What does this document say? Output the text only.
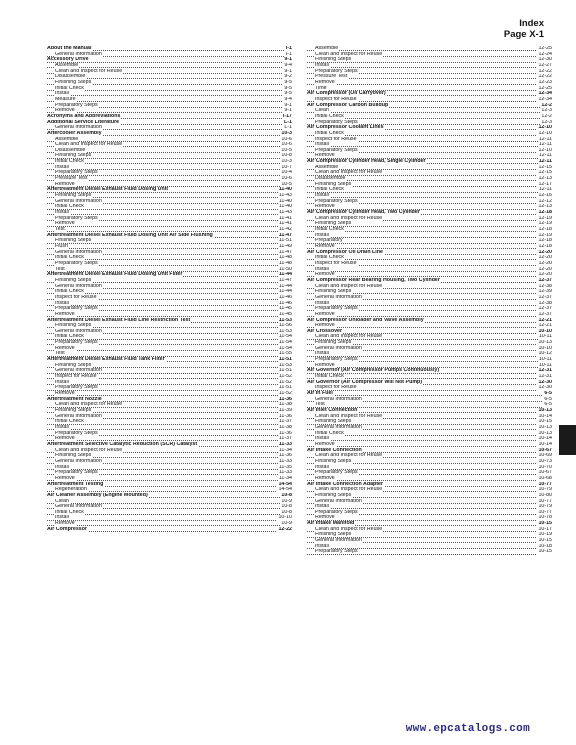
Index
Page X-1
About the Manual	i-1
General Information	i-1
Accessory Drive	9-1
Assemble	9-4
Clean and Inspect for Reuse	9-1
Disassemble	9-2
Finishing Steps	9-5
Initial Check	9-5
Install	9-5
Measure	9-4
Preparatory Steps	9-1
Remove	9-1
Acronyms and Abbreviations	i-17
Additional Service Literature	L-1
General Information	L-1
Aftercooler Assembly	10-3
Assemble	10-6
Clean and Inspect for Reuse	10-6
Disassemble	10-5
Finishing Steps	10-8
Initial Check	10-3
Install	10-7
Preparatory Steps	10-4
Pressure Test	10-6
Remove	10-5
Aftertreatment Diesel Exhaust Fluid Dosing Unit	11-40
Finishing Steps	11-43
General Information	11-40
Initial Check	11-40
Install	11-43
Preparatory Steps	11-41
Remove	11-41
Test	11-42
Aftertreatment Diesel Exhaust Fluid Dosing Unit Air Side Flushing	11-47
Finishing Steps	11-51
Flush	11-49
General Information	11-47
Initial Check	11-48
Preparatory Steps	11-48
Test	11-50
Aftertreatment Diesel Exhaust Fluid Dosing Unit Filter	11-44
Finishing Steps	11-47
General Information	11-44
Initial Check	11-44
Inspect for Reuse	11-46
Install	11-46
Preparatory Steps	11-45
Remove	11-45
Aftertreatment Diesel Exhaust Fluid Line Restriction Test	11-53
Finishing Steps	11-56
General Information	11-53
Initial Check	11-54
Preparatory Steps	11-54
Remove	11-54
Test	11-55
Aftertreatment Diesel Exhaust Fluid Tank Filter	11-51
Finishing Steps	11-53
General Information	11-51
Inspect for Reuse	11-52
Install	11-52
Preparatory Steps	11-51
Remove	11-52
Aftertreatment Nozzle	11-36
Clean and Inspect for Reuse	11-38
Finishing Steps	11-39
General Information	11-36
Initial Check	11-37
Install	11-38
Preparatory Steps	11-36
Remove	11-37
Aftertreatment Selective Catalytic Reduction (SCR) Catalyst	11-33
Clean and Inspect for Reuse	11-34
Finishing Steps	11-36
General Information	11-33
Install	11-35
Preparatory Steps	11-33
Remove	11-34
Aftertreatment Testing	14-54
Regeneration	14-54
Air Cleaner Assembly (Engine Mounted)	10-8
Clean	10-9
General Information	10-8
Initial Check	10-8
Install	10-10
Remove	10-9
Air Compressor	12-22
Assemble	12-25
Clean and Inspect for Reuse	12-24
Finishing Steps	12-30
Install	12-27
Preparatory Steps	12-22
Pressure Test	12-22
Remove	12-23
Time	12-25
Air Compressor (Oil Carryover)	12-34
Inspect for Reuse	12-34
Air Compressor Carbon Buildup	12-2
Clean	12-3
Initial Check	12-2
Preparatory Steps	12-3
Air Compressor Coolant Lines	12-10
Initial Check	12-10
Inspect for Reuse	12-11
Install	12-11
Preparatory Steps	12-10
Remove	12-11
Air Compressor Cylinder Head, Single Cylinder	12-11
Assemble	12-15
Clean and Inspect for Reuse	12-15
Disassemble	12-13
Finishing Steps	12-17
Initial Check	12-11
Install	12-16
Preparatory Steps	12-12
Remove	12-13
Air Compressor Cylinder Head, Two Cylinder	12-18
Clean and Inspect for Reuse	12-19
Finishing Steps	12-19
Initial Check	12-18
Install	12-19
Preparatory	12-18
Remove	12-18
Air Compressor Oil Drain Line	12-20
Initial Check	12-20
Inspect for Reuse	12-20
Install	12-20
Remove	12-20
Air Compressor Rear Bearing Housing, Two Cylinder	12-37
Clean and Inspect for Reuse	12-38
Finishing Steps	12-39
General Information	12-37
Install	12-38
Preparatory Steps	12-37
Remove	12-37
Air Compressor Unloader and Valve Assembly	12-21
Remove	12-21
Air Crossover	10-10
Clean and Inspect for Reuse	10-11
Finishing Steps	10-13
General Information	10-10
Install	10-12
Preparatory Steps	10-11
Remove	10-11
Air Governor (Air Compressor Pumps Continuously)	12-31
Initial Check	12-31
Air Governor (Air Compressor Will Not Pump)	12-30
Inspect for Reuse	12-30
Air In Fuel	6-5
General Information	6-5
Test	6-5
Air Inlet Connection	10-13
Clean and Inspect for Reuse	10-14
Finishing Steps	10-15
General Information	10-13
Initial Check	10-13
Install	10-14
Remove	10-14
Air Intake Connection	10-67
Clean and Inspect for Reuse	10-69
Finishing Steps	10-73
Install	10-70
Preparatory Steps	10-67
Remove	10-68
Air Intake Connection Adapter	10-77
Clean and Inspect for Reuse	10-79
Finishing Steps	10-80
General Information	10-77
Install	10-79
Preparatory Steps	10-77
Remove	10-78
Air Intake Manifold	10-15
Clean and Inspect for Reuse	10-17
Finishing Steps	10-19
General Information	10-15
Install	10-18
Preparatory Steps	10-15
www.epcatalogs.com
